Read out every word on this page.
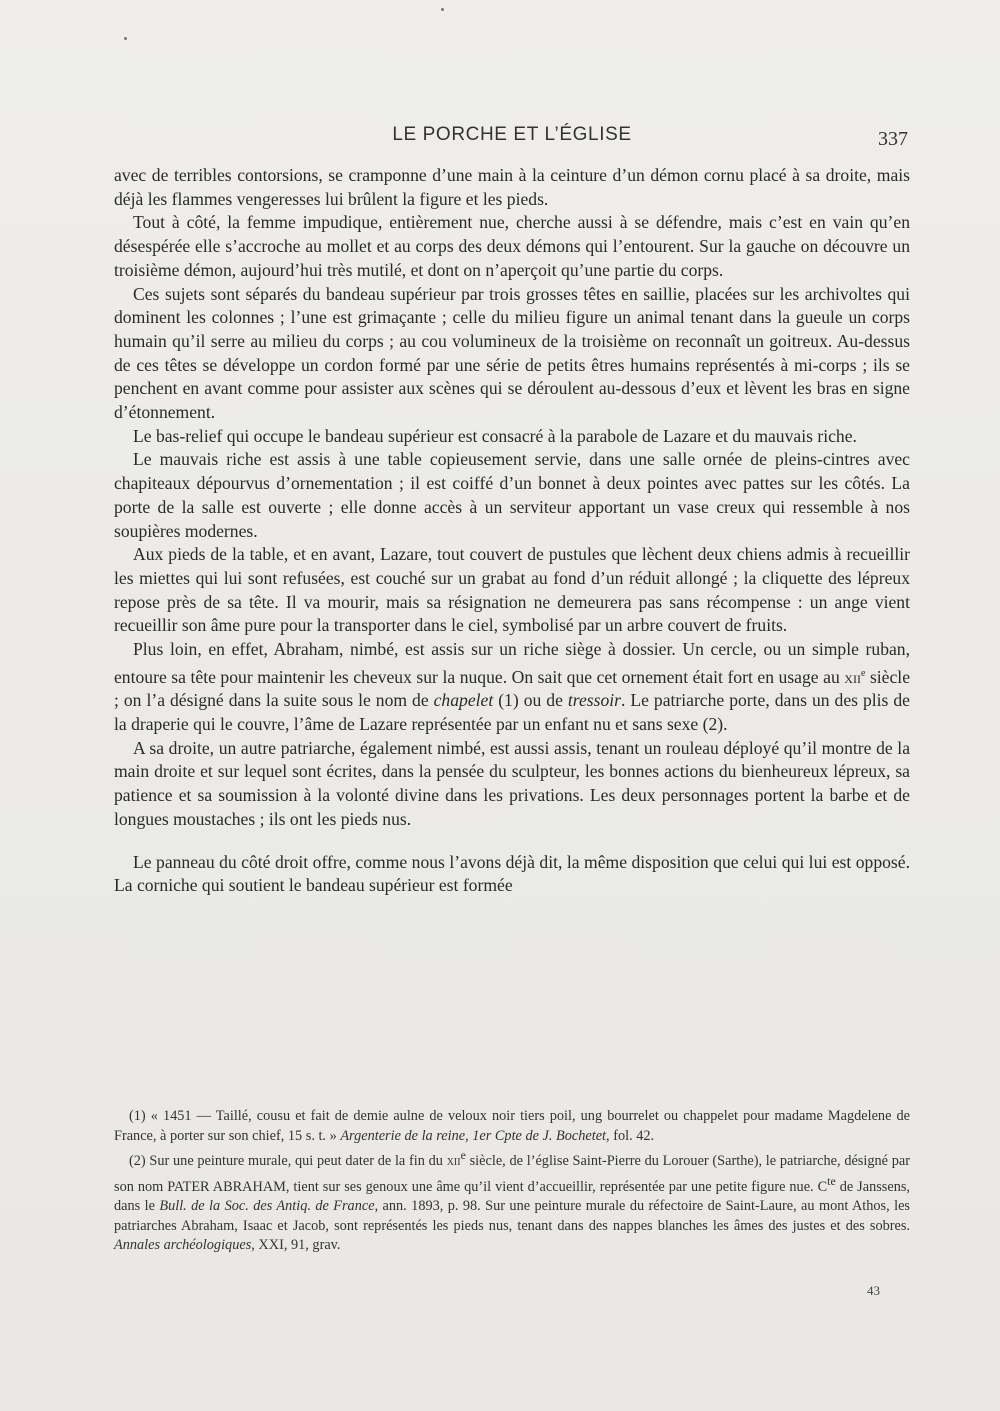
LE PORCHE ET L’ÉGLISE	337

avec de terribles contorsions, se cramponne d’une main à la ceinture d’un démon cornu placé à sa droite, mais déjà les flammes vengeresses lui brûlent la figure et les pieds.

Tout à côté, la femme impudique, entièrement nue, cherche aussi à se défendre, mais c’est en vain qu’en désespérée elle s’accroche au mollet et au corps des deux démons qui l’entourent. Sur la gauche on découvre un troisième démon, aujourd’hui très mutilé, et dont on n’aperçoit qu’une partie du corps.

Ces sujets sont séparés du bandeau supérieur par trois grosses têtes en saillie, placées sur les archivoltes qui dominent les colonnes ; l’une est grimaçante ; celle du milieu figure un animal tenant dans la gueule un corps humain qu’il serre au milieu du corps ; au cou volumineux de la troisième on reconnaît un goitreux. Au-dessus de ces têtes se développe un cordon formé par une série de petits êtres humains représentés à mi-corps ; ils se penchent en avant comme pour assister aux scènes qui se déroulent au-dessous d’eux et lèvent les bras en signe d’étonnement.

Le bas-relief qui occupe le bandeau supérieur est consacré à la parabole de Lazare et du mauvais riche.

Le mauvais riche est assis à une table copieusement servie, dans une salle ornée de pleins-cintres avec chapiteaux dépourvus d’ornementation ; il est coiffé d’un bonnet à deux pointes avec pattes sur les côtés. La porte de la salle est ouverte ; elle donne accès à un serviteur apportant un vase creux qui ressemble à nos soupières modernes.

Aux pieds de la table, et en avant, Lazare, tout couvert de pustules que lèchent deux chiens admis à recueillir les miettes qui lui sont refusées, est couché sur un grabat au fond d’un réduit allongé ; la cliquette des lépreux repose près de sa tête. Il va mourir, mais sa résignation ne demeurera pas sans récompense : un ange vient recueillir son âme pure pour la transporter dans le ciel, symbolisé par un arbre couvert de fruits.

Plus loin, en effet, Abraham, nimbé, est assis sur un riche siège à dossier. Un cercle, ou un simple ruban, entoure sa tête pour maintenir les cheveux sur la nuque. On sait que cet ornement était fort en usage au xii$^e$ siècle ; on l’a désigné dans la suite sous le nom de chapelet (1) ou de tressoir. Le patriarche porte, dans un des plis de la draperie qui le couvre, l’âme de Lazare représentée par un enfant nu et sans sexe (2).

A sa droite, un autre patriarche, également nimbé, est aussi assis, tenant un rouleau déployé qu’il montre de la main droite et sur lequel sont écrites, dans la pensée du sculpteur, les bonnes actions du bienheureux lépreux, sa patience et sa soumission à la volonté divine dans les privations. Les deux personnages portent la barbe et de longues moustaches ; ils ont les pieds nus.

Le panneau du côté droit offre, comme nous l’avons déjà dit, la même disposition que celui qui lui est opposé. La corniche qui soutient le bandeau supérieur est formée

(1) « 1451 — Taillé, cousu et fait de demie aulne de veloux noir tiers poil, ung bourrelet ou chappelet pour madame Magdelene de France, à porter sur son chief, 15 s. t. » Argenterie de la reine, 1er Cpte de J. Bochetet, fol. 42.

(2) Sur une peinture murale, qui peut dater de la fin du xii$^e$ siècle, de l’église Saint-Pierre du Lorouer (Sarthe), le patriarche, désigné par son nom PATER ABRAHAM, tient sur ses genoux une âme qu’il vient d’accueillir, représentée par une petite figure nue. $C^{te}$ de Janssens, dans le Bull. de la Soc. des Antiq. de France, ann. 1893, p. 98. Sur une peinture murale du réfectoire de Saint-Laure, au mont Athos, les patriarches Abraham, Isaac et Jacob, sont représentés les pieds nus, tenant dans des nappes blanches les âmes des justes et des sobres. Annales archéologiques, XXI, 91, grav.

43
